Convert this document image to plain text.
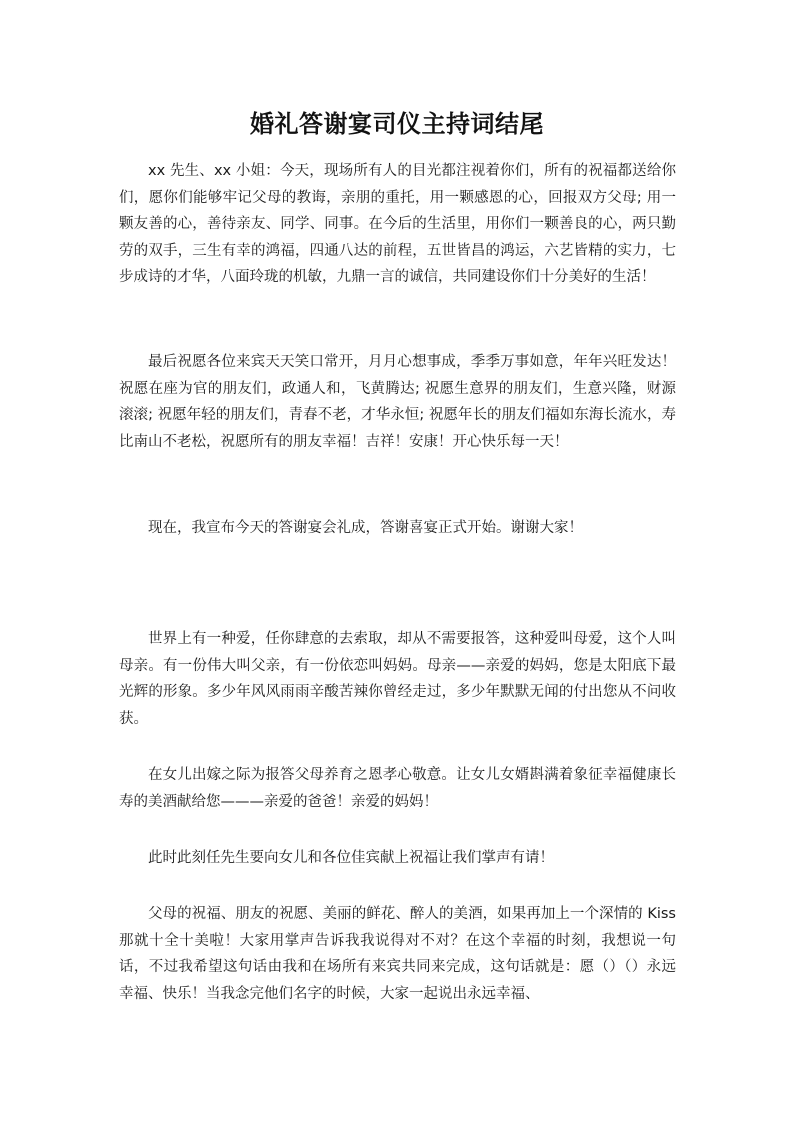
婚礼答谢宴司仪主持词结尾

xx 先生、xx 小姐：今天，现场所有人的目光都注视着你们，所有的祝福都送给你们，愿你们能够牢记父母的教诲，亲朋的重托，用一颗感恩的心，回报双方父母; 用一颗友善的心，善待亲友、同学、同事。在今后的生活里，用你们一颗善良的心，两只勤劳的双手，三生有幸的鸿福，四通八达的前程，五世皆昌的鸿运，六艺皆精的实力，七步成诗的才华，八面玲珑的机敏，九鼎一言的诚信，共同建设你们十分美好的生活！

最后祝愿各位来宾天天笑口常开，月月心想事成，季季万事如意，年年兴旺发达！祝愿在座为官的朋友们，政通人和，飞黄腾达; 祝愿生意界的朋友们，生意兴隆，财源滚滚; 祝愿年轻的朋友们，青春不老，才华永恒; 祝愿年长的朋友们福如东海长流水，寿比南山不老松，祝愿所有的朋友幸福！吉祥！安康！开心快乐每一天！

现在，我宣布今天的答谢宴会礼成，答谢喜宴正式开始。谢谢大家！

世界上有一种爱，任你肆意的去索取，却从不需要报答，这种爱叫母爱，这个人叫母亲。有一份伟大叫父亲，有一份依恋叫妈妈。母亲——亲爱的妈妈，您是太阳底下最光辉的形象。多少年风风雨雨辛酸苦辣你曾经走过，多少年默默无闻的付出您从不问收获。

在女儿出嫁之际为报答父母养育之恩孝心敬意。让女儿女婿斟满着象征幸福健康长寿的美酒献给您———亲爱的爸爸！亲爱的妈妈！

此时此刻任先生要向女儿和各位佳宾献上祝福让我们掌声有请！

父母的祝福、朋友的祝愿、美丽的鲜花、醉人的美酒，如果再加上一个深情的 Kiss 那就十全十美啦！大家用掌声告诉我我说得对不对？在这个幸福的时刻，我想说一句话，不过我希望这句话由我和在场所有来宾共同来完成，这句话就是：愿（）（）永远幸福、快乐！当我念完他们名字的时候，大家一起说出永远幸福、
